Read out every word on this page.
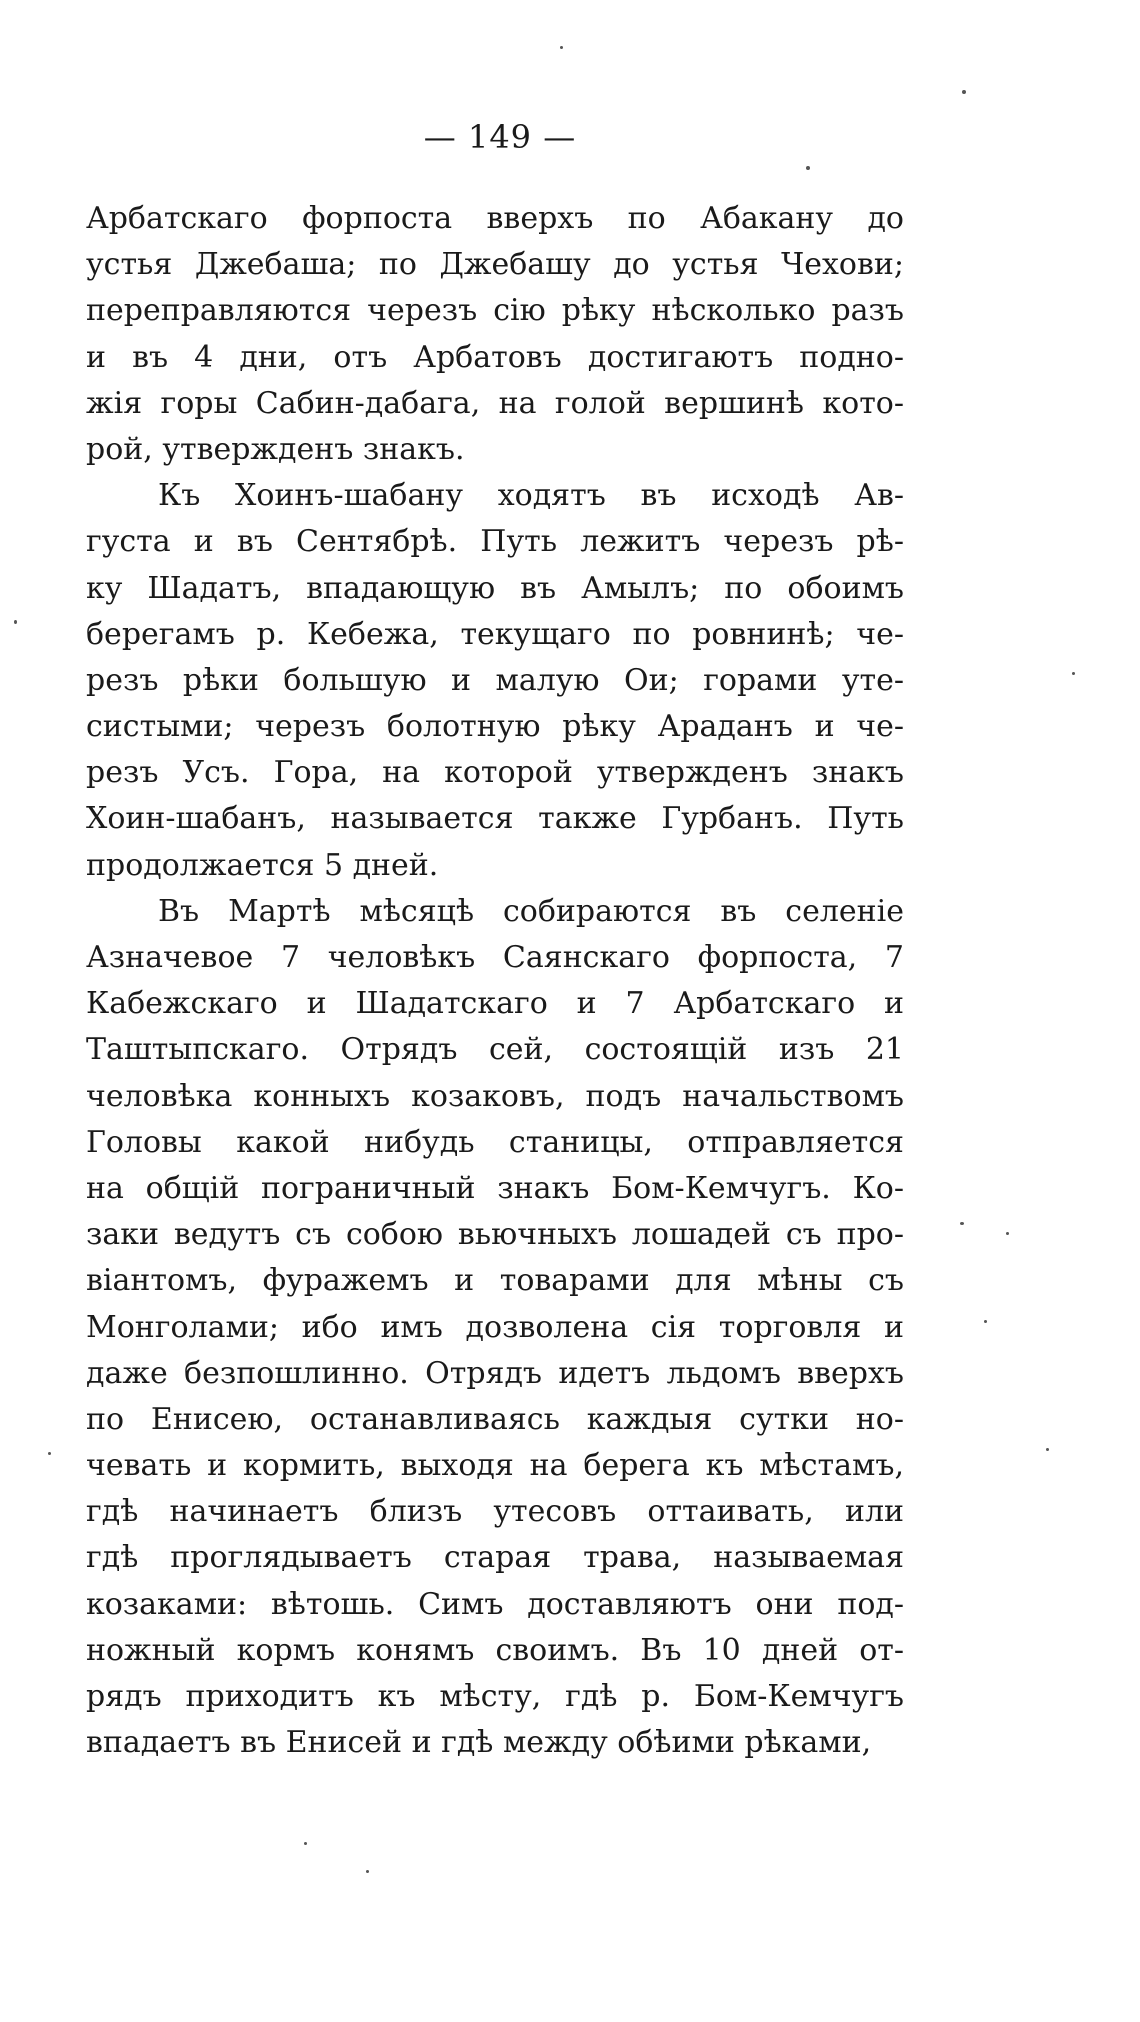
— 149 —
Арбатскаго форпоста вверхъ по Абакану до
устья Джебаша; по Джебашу до устья Чехови;
переправляются черезъ сію рѣку нѣсколько разъ
и въ 4 дни, отъ Арбатовъ достигаютъ подно-
жія горы Сабин-дабага, на голой вершинѣ кото-
рой, утвержденъ знакъ.
Къ Хоинъ-шабану ходятъ въ исходѣ Ав-
густа и въ Сентябрѣ. Путь лежитъ черезъ рѣ-
ку Шадатъ, впадающую въ Амылъ; по обоимъ
берегамъ р. Кебежа, текущаго по ровнинѣ; че-
резъ рѣки большую и малую Ои; горами уте-
систыми; черезъ болотную рѣку Араданъ и че-
резъ Усъ. Гора, на которой утвержденъ знакъ
Хоин-шабанъ, называется также Гурбанъ. Путь
продолжается 5 дней.
Въ Мартѣ мѣсяцѣ собираются въ селеніе
Азначевое 7 человѣкъ Саянскаго форпоста, 7
Кабежскаго и Шадатскаго и 7 Арбатскаго и
Таштыпскаго. Отрядъ сей, состоящій изъ 21
человѣка конныхъ козаковъ, подъ начальствомъ
Головы какой нибудь станицы, отправляется
на общій пограничный знакъ Бом-Кемчугъ. Ко-
заки ведутъ съ собою вьючныхъ лошадей съ про-
віантомъ, фуражемъ и товарами для мѣны съ
Монголами; ибо имъ дозволена сія торговля и
даже безпошлинно. Отрядъ идетъ льдомъ вверхъ
по Енисею, останавливаясь каждыя сутки но-
чевать и кормить, выходя на берега къ мѣстамъ,
гдѣ начинаетъ близъ утесовъ оттаивать, или
гдѣ проглядываетъ старая трава, называемая
козаками: вѣтошь. Симъ доставляютъ они под-
ножный кормъ конямъ своимъ. Въ 10 дней от-
рядъ приходитъ къ мѣсту, гдѣ р. Бом-Кемчугъ
впадаетъ въ Енисей и гдѣ между обѣими рѣками,
